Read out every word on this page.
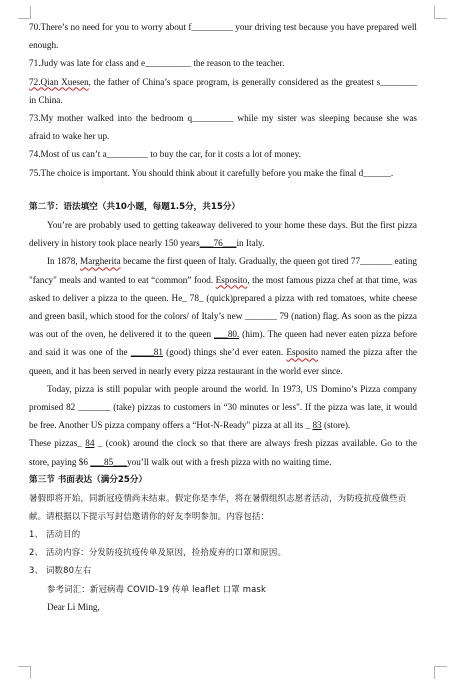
70.There’s no need for you to worry about f_________ your driving test because you have prepared well enough.

71.Judy was late for class and e__________ the reason to the teacher.

72.Qian Xuesen, the father of China’s space program, is generally considered as the greatest s________ in China.

73.My mother walked into the bedroom q_________ while my sister was sleeping because she was afraid to wake her up.

74.Most of us can’t a_________ to buy the car, for it costs a lot of money.

75.The choice is important. You should think about it carefully before you make the final d______.

第二节：语法填空（共10小题，每题1.5分，共15分）

You’re are probably used to getting takeaway delivered to your home these days. But the first pizza delivery in history took place nearly 150 years___76___in Italy.

In 1878, Margherita became the first queen of Italy. Gradually, the queen got tired 77_______ eating "fancy" meals and wanted to eat “common” food. Esposito, the most famous pizza chef at that time, was asked to deliver a pizza to the queen. He_ 78_ (quick)prepared a pizza with red tomatoes, white cheese and green basil, which stood for the colors/ of Italy’s new _______ 79 (nation) flag. As soon as the pizza was out of the oven, he delivered it to the queen ___80. (him). The queen had never eaten pizza before and said it was one of the _____81 (good) things she’d ever eaten. Esposito named the pizza after the queen, and it has been served in nearly every pizza restaurant in the world ever since.

Today, pizza is still popular with people around the world. In 1973, US Domino’s Pizza company promised 82 _______ (take) pizzas to customers in “30 minutes or less". If the pizza was late, it would be free. Another US pizza company offers a “Hot-N-Ready" pizza at all its _ 83 (store).

These pizzas_ 84 _ (cook) around the clock so that there are always fresh pizzas available. Go to the store, paying $6 ___85___you’ll walk out with a fresh pizza with no waiting time.

第三节 书面表达（满分25分）

暑假即将开始，同新冠疫情尚未结束。假定你是李华，将在暑假组织志愿者活动，为防疫抗疫做些贡献。请根据以下提示写封信邀请你的好友李明参加。内容包括：

1、 活动目的

2、 活动内容：分发防疫抗疫传单及原因，捡拾废弃的口罩和原因。

3、 词数80左右

参考词汇：新冠病毒 COVID-19 传单 leaflet 口罩 mask

Dear Li Ming,
